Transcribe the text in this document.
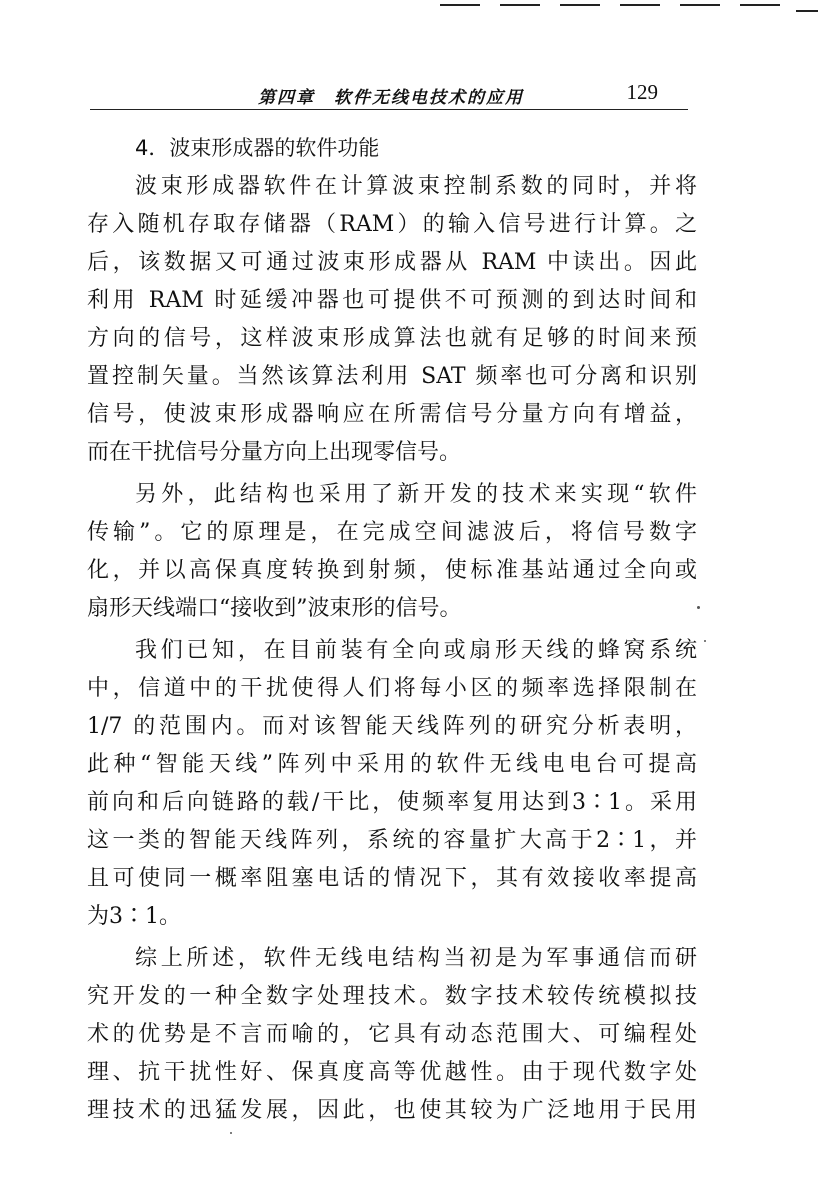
第四章　软件无线电技术的应用	129
4．波束形成器的软件功能
波束形成器软件在计算波束控制系数的同时，并将
存入随机存取存储器（RAM）的输入信号进行计算。之
后，该数据又可通过波束形成器从 RAM 中读出。因此
利用 RAM 时延缓冲器也可提供不可预测的到达时间和
方向的信号，这样波束形成算法也就有足够的时间来预
置控制矢量。当然该算法利用 SAT 频率也可分离和识别
信号，使波束形成器响应在所需信号分量方向有增益，
而在干扰信号分量方向上出现零信号。
另外，此结构也采用了新开发的技术来实现“软件
传输”。它的原理是，在完成空间滤波后，将信号数字
化，并以高保真度转换到射频，使标准基站通过全向或
扇形天线端口“接收到”波束形的信号。
我们已知，在目前装有全向或扇形天线的蜂窝系统
中，信道中的干扰使得人们将每小区的频率选择限制在
1/7 的范围内。而对该智能天线阵列的研究分析表明，
此种“智能天线”阵列中采用的软件无线电电台可提高
前向和后向链路的载/干比，使频率复用达到3∶1。采用
这一类的智能天线阵列，系统的容量扩大高于2∶1，并
且可使同一概率阻塞电话的情况下，其有效接收率提高
为3∶1。
综上所述，软件无线电结构当初是为军事通信而研
究开发的一种全数字处理技术。数字技术较传统模拟技
术的优势是不言而喻的，它具有动态范围大、可编程处
理、抗干扰性好、保真度高等优越性。由于现代数字处
理技术的迅猛发展，因此，也使其较为广泛地用于民用
